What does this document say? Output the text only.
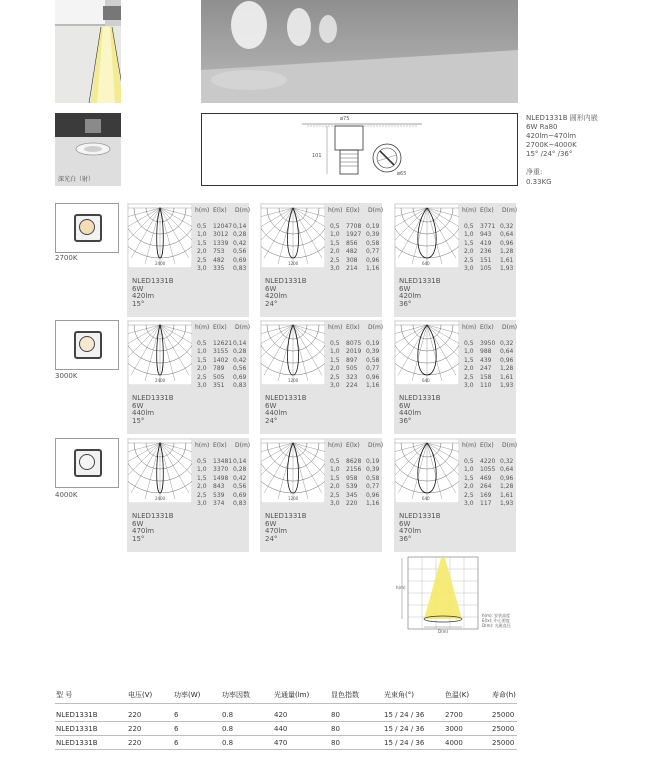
深光白（射）
ø75
101
ø65
NLED1331B 圆形内嵌
6W Ra80
420lm~470lm
2700K~4000K
15° /24° /36°
净重:
0.33KG
2700K
3000K
4000K
2400
h(m) E(lx) D(m)
0,5 12047 0,14
1,0 3012 0,28
1,5 1339 0,42
2,0 753 0,56
2,5 482 0,69
3,0 335 0,83
NLED1331B
6W
420lm
15°
1200
h(m) E(lx) D(m)
0,5 7708 0,19
1,0 1927 0,39
1,5 856 0,58
2,0 482 0,77
2,5 308 0,96
3,0 214 1,16
NLED1331B
6W
420lm
24°
640
h(m) E(lx) D(m)
0,5 3771 0,32
1,0 943 0,64
1,5 419 0,96
2,0 236 1,28
2,5 151 1,61
3,0 105 1,93
NLED1331B
6W
420lm
36°
2400
h(m) E(lx) D(m)
0,5 12621 0,14
1,0 3155 0,28
1,5 1402 0,42
2,0 789 0,56
2,5 505 0,69
3,0 351 0,83
NLED1331B
6W
440lm
15°
1200
h(m) E(lx) D(m)
0,5 8075 0,19
1,0 2019 0,39
1,5 897 0,58
2,0 505 0,77
2,5 323 0,96
3,0 224 1,16
NLED1331B
6W
440lm
24°
640
h(m) E(lx) D(m)
0,5 3950 0,32
1,0 988 0,64
1,5 439 0,96
2,0 247 1,28
2,5 158 1,61
3,0 110 1,93
NLED1331B
6W
440lm
36°
2400
h(m) E(lx) D(m)
0,5 13481 0,14
1,0 3370 0,28
1,5 1498 0,42
2,0 843 0,56
2,5 539 0,69
3,0 374 0,83
NLED1331B
6W
470lm
15°
1200
h(m) E(lx) D(m)
0,5 8628 0,19
1,0 2156 0,39
1,5 958 0,58
2,0 539 0,77
2,5 345 0,96
3,0 220 1,16
NLED1331B
6W
470lm
24°
640
h(m) E(lx) D(m)
0,5 4220 0,32
1,0 1055 0,64
1,5 469 0,96
2,0 264 1,28
2,5 169 1,61
3,0 117 1,93
NLED1331B
6W
470lm
36°
h(m)
D(m)
h(m): 安装高度
E(lx): 中心照度
D(m): 光斑直径
型 号	电压(V)	功率(W)	功率因数	光通量(lm)	显色指数	光束角(°)	色温(K)	寿命(h)
NLED1331B	220	6	0.8	420	80	15 / 24 / 36	2700	25000
NLED1331B	220	6	0.8	440	80	15 / 24 / 36	3000	25000
NLED1331B	220	6	0.8	470	80	15 / 24 / 36	4000	25000
